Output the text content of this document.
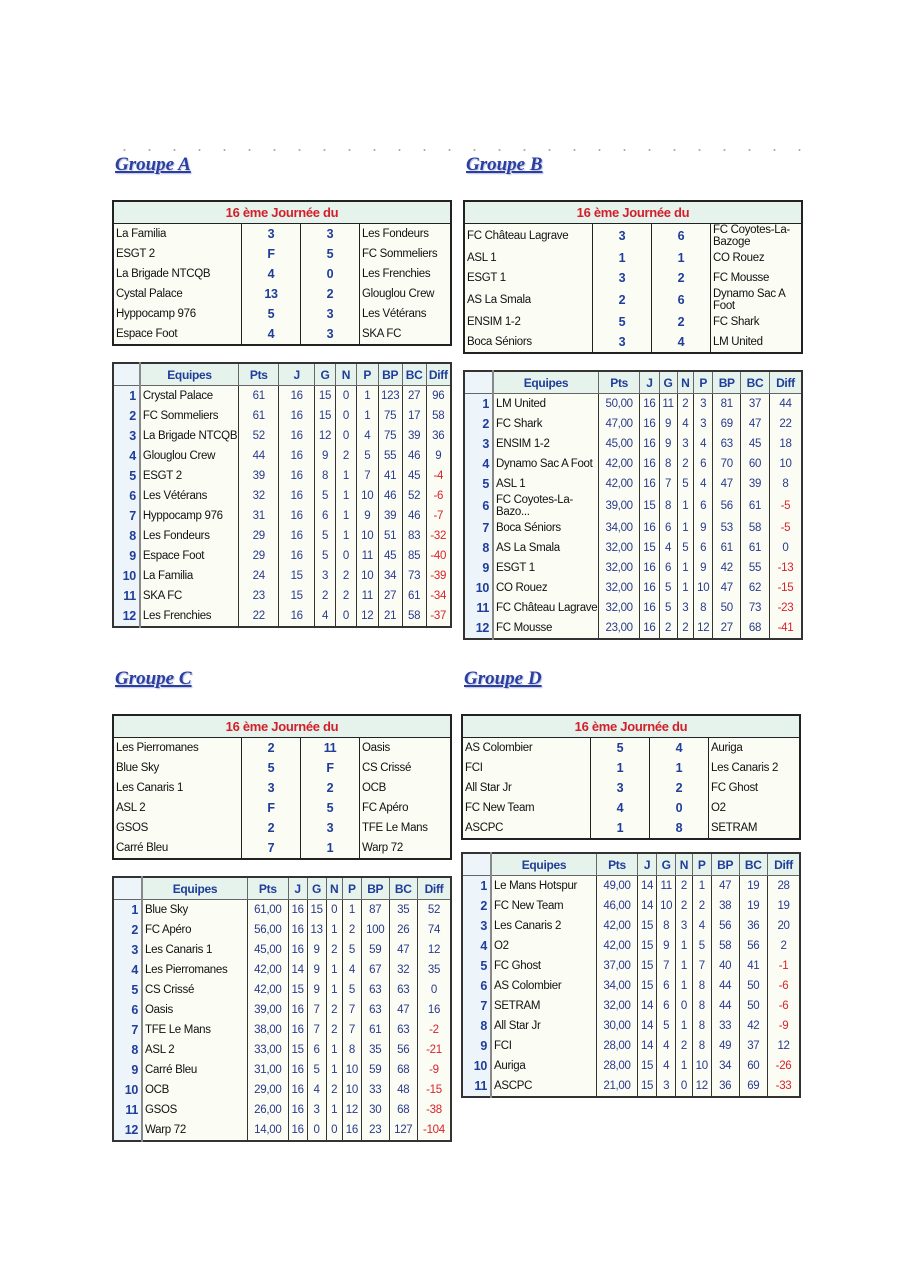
Groupe A
16 ème Journée du			
La Familia	3	3	Les Fondeurs
ESGT 2	F	5	FC Sommeliers
La Brigade NTCQB	4	0	Les Frenchies
Cystal Palace	13	2	Glouglou Crew
Hyppocamp 976	5	3	Les Vétérans
Espace Foot	4	3	SKA FC
	Equipes	Pts	J	G	N	P	BP	BC	Diff
1	Crystal Palace	61	16	15	0	1	123	27	96
2	FC Sommeliers	61	16	15	0	1	75	17	58
3	La Brigade NTCQB	52	16	12	0	4	75	39	36
4	Glouglou Crew	44	16	9	2	5	55	46	9
5	ESGT 2	39	16	8	1	7	41	45	-4
6	Les Vétérans	32	16	5	1	10	46	52	-6
7	Hyppocamp 976	31	16	6	1	9	39	46	-7
8	Les Fondeurs	29	16	5	1	10	51	83	-32
9	Espace Foot	29	16	5	0	11	45	85	-40
10	La Familia	24	15	3	2	10	34	73	-39
11	SKA FC	23	15	2	2	11	27	61	-34
12	Les Frenchies	22	16	4	0	12	21	58	-37
Groupe B
16 ème Journée du			
FC Château Lagrave	3	6	FC Coyotes-La-Bazoge
ASL 1	1	1	CO Rouez
ESGT 1	3	2	FC Mousse
AS La Smala	2	6	Dynamo Sac A Foot
ENSIM 1-2	5	2	FC Shark
Boca Séniors	3	4	LM United
	Equipes	Pts	J	G	N	P	BP	BC	Diff
1	LM United	50,00	16	11	2	3	81	37	44
2	FC Shark	47,00	16	9	4	3	69	47	22
3	ENSIM 1-2	45,00	16	9	3	4	63	45	18
4	Dynamo Sac A Foot	42,00	16	8	2	6	70	60	10
5	ASL 1	42,00	16	7	5	4	47	39	8
6	FC Coyotes-La-Bazo...	39,00	15	8	1	6	56	61	-5
7	Boca Séniors	34,00	16	6	1	9	53	58	-5
8	AS La Smala	32,00	15	4	5	6	61	61	0
9	ESGT 1	32,00	16	6	1	9	42	55	-13
10	CO Rouez	32,00	16	5	1	10	47	62	-15
11	FC Château Lagrave	32,00	16	5	3	8	50	73	-23
12	FC Mousse	23,00	16	2	2	12	27	68	-41
Groupe C
16 ème Journée du			
Les Pierromanes	2	11	Oasis
Blue Sky	5	F	CS Crissé
Les Canaris 1	3	2	OCB
ASL 2	F	5	FC Apéro
GSOS	2	3	TFE Le Mans
Carré Bleu	7	1	Warp 72
	Equipes	Pts	J	G	N	P	BP	BC	Diff
1	Blue Sky	61,00	16	15	0	1	87	35	52
2	FC Apéro	56,00	16	13	1	2	100	26	74
3	Les Canaris 1	45,00	16	9	2	5	59	47	12
4	Les Pierromanes	42,00	14	9	1	4	67	32	35
5	CS Crissé	42,00	15	9	1	5	63	63	0
6	Oasis	39,00	16	7	2	7	63	47	16
7	TFE Le Mans	38,00	16	7	2	7	61	63	-2
8	ASL 2	33,00	15	6	1	8	35	56	-21
9	Carré Bleu	31,00	16	5	1	10	59	68	-9
10	OCB	29,00	16	4	2	10	33	48	-15
11	GSOS	26,00	16	3	1	12	30	68	-38
12	Warp 72	14,00	16	0	0	16	23	127	-104
Groupe D
16 ème Journée du			
AS Colombier	5	4	Auriga
FCI	1	1	Les Canaris 2
All Star Jr	3	2	FC Ghost
FC New Team	4	0	O2
ASCPC	1	8	SETRAM
	Equipes	Pts	J	G	N	P	BP	BC	Diff
1	Le Mans Hotspur	49,00	14	11	2	1	47	19	28
2	FC New Team	46,00	14	10	2	2	38	19	19
3	Les Canaris 2	42,00	15	8	3	4	56	36	20
4	O2	42,00	15	9	1	5	58	56	2
5	FC Ghost	37,00	15	7	1	7	40	41	-1
6	AS Colombier	34,00	15	6	1	8	44	50	-6
7	SETRAM	32,00	14	6	0	8	44	50	-6
8	All Star Jr	30,00	14	5	1	8	33	42	-9
9	FCI	28,00	14	4	2	8	49	37	12
10	Auriga	28,00	15	4	1	10	34	60	-26
11	ASCPC	21,00	15	3	0	12	36	69	-33
